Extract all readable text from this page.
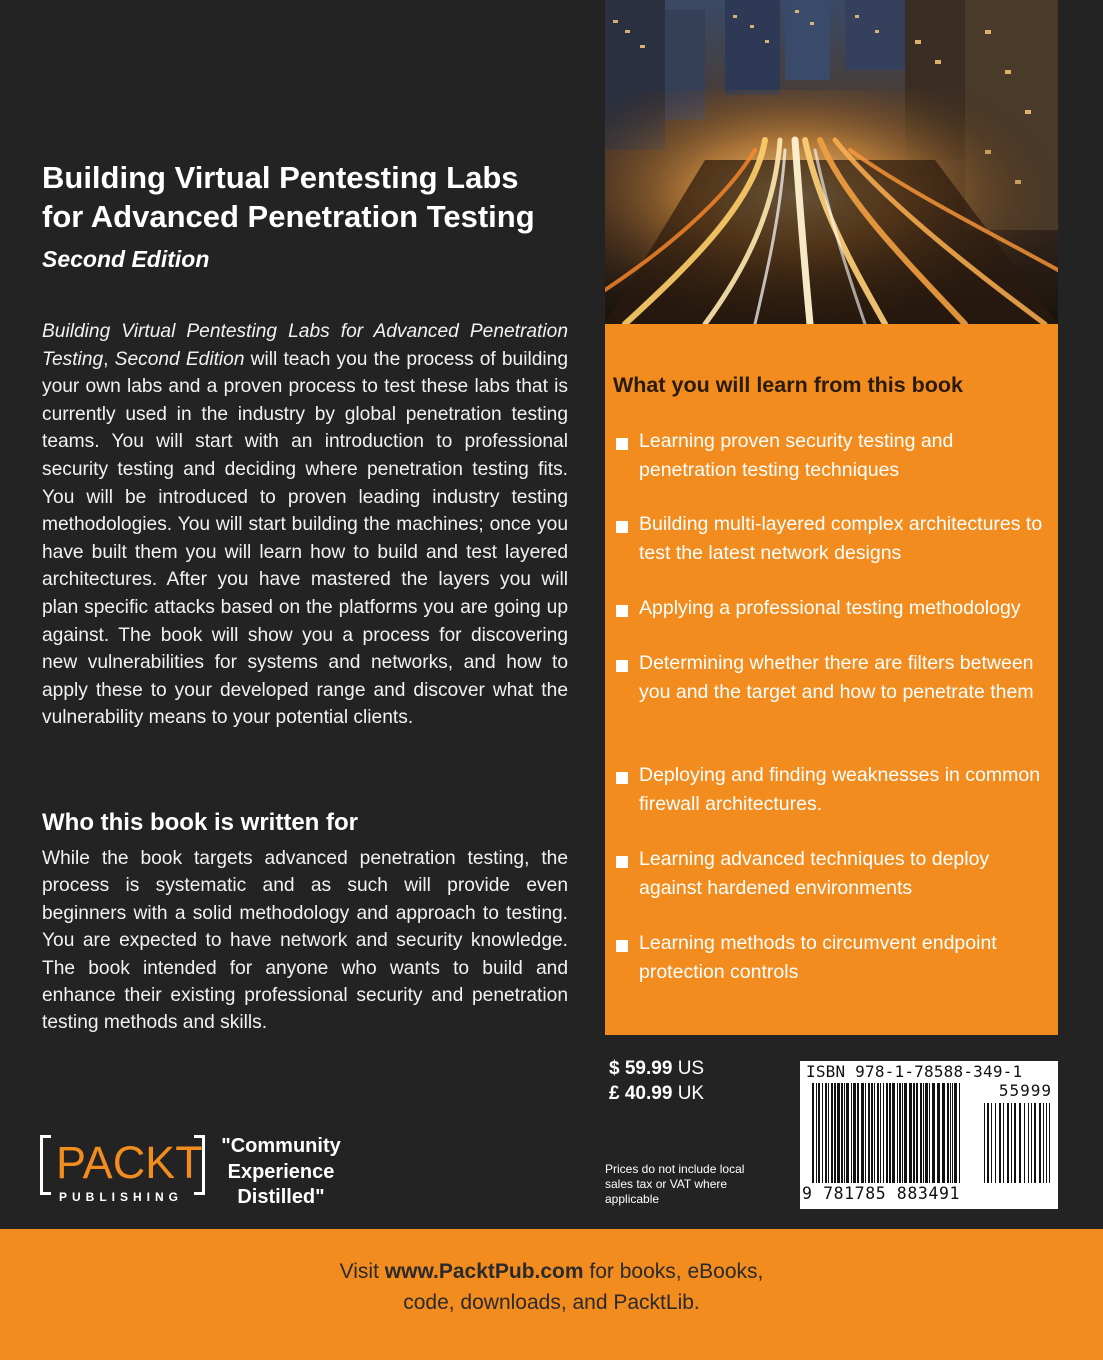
Building Virtual Pentesting Labs
for Advanced Penetration Testing
Second Edition
Building Virtual Pentesting Labs for Advanced Penetration Testing, Second Edition will teach you the process of building your own labs and a proven process to test these labs that is currently used in the industry by global penetration testing teams. You will start with an introduction to professional security testing and deciding where penetration testing fits. You will be introduced to proven leading industry testing methodologies. You will start building the machines; once you have built them you will learn how to build and test layered architectures. After you have mastered the layers you will plan specific attacks based on the platforms you are going up against. The book will show you a process for discovering new vulnerabilities for systems and networks, and how to apply these to your developed range and discover what the vulnerability means to your potential clients.
Who this book is written for
While the book targets advanced penetration testing, the process is systematic and as such will provide even beginners with a solid methodology and approach to testing. You are expected to have network and security knowledge. The book intended for anyone who wants to build and enhance their existing professional security and penetration testing methods and skills.
What you will learn from this book
Learning proven security testing and penetration testing techniques
Building multi-layered complex architectures to test the latest network designs
Applying a professional testing methodology
Determining whether there are filters between you and the target and how to penetrate them
Deploying and finding weaknesses in common firewall architectures.
Learning advanced techniques to deploy against hardened environments
Learning methods to circumvent endpoint protection controls
$ 59.99 US
£ 40.99 UK
Prices do not include local sales tax or VAT where applicable
ISBN 978-1-78588-349-1
55999
9 781785 883491
PACKT
PUBLISHING
"Community Experience Distilled"
Visit www.PacktPub.com for books, eBooks,
code, downloads, and PacktLib.
